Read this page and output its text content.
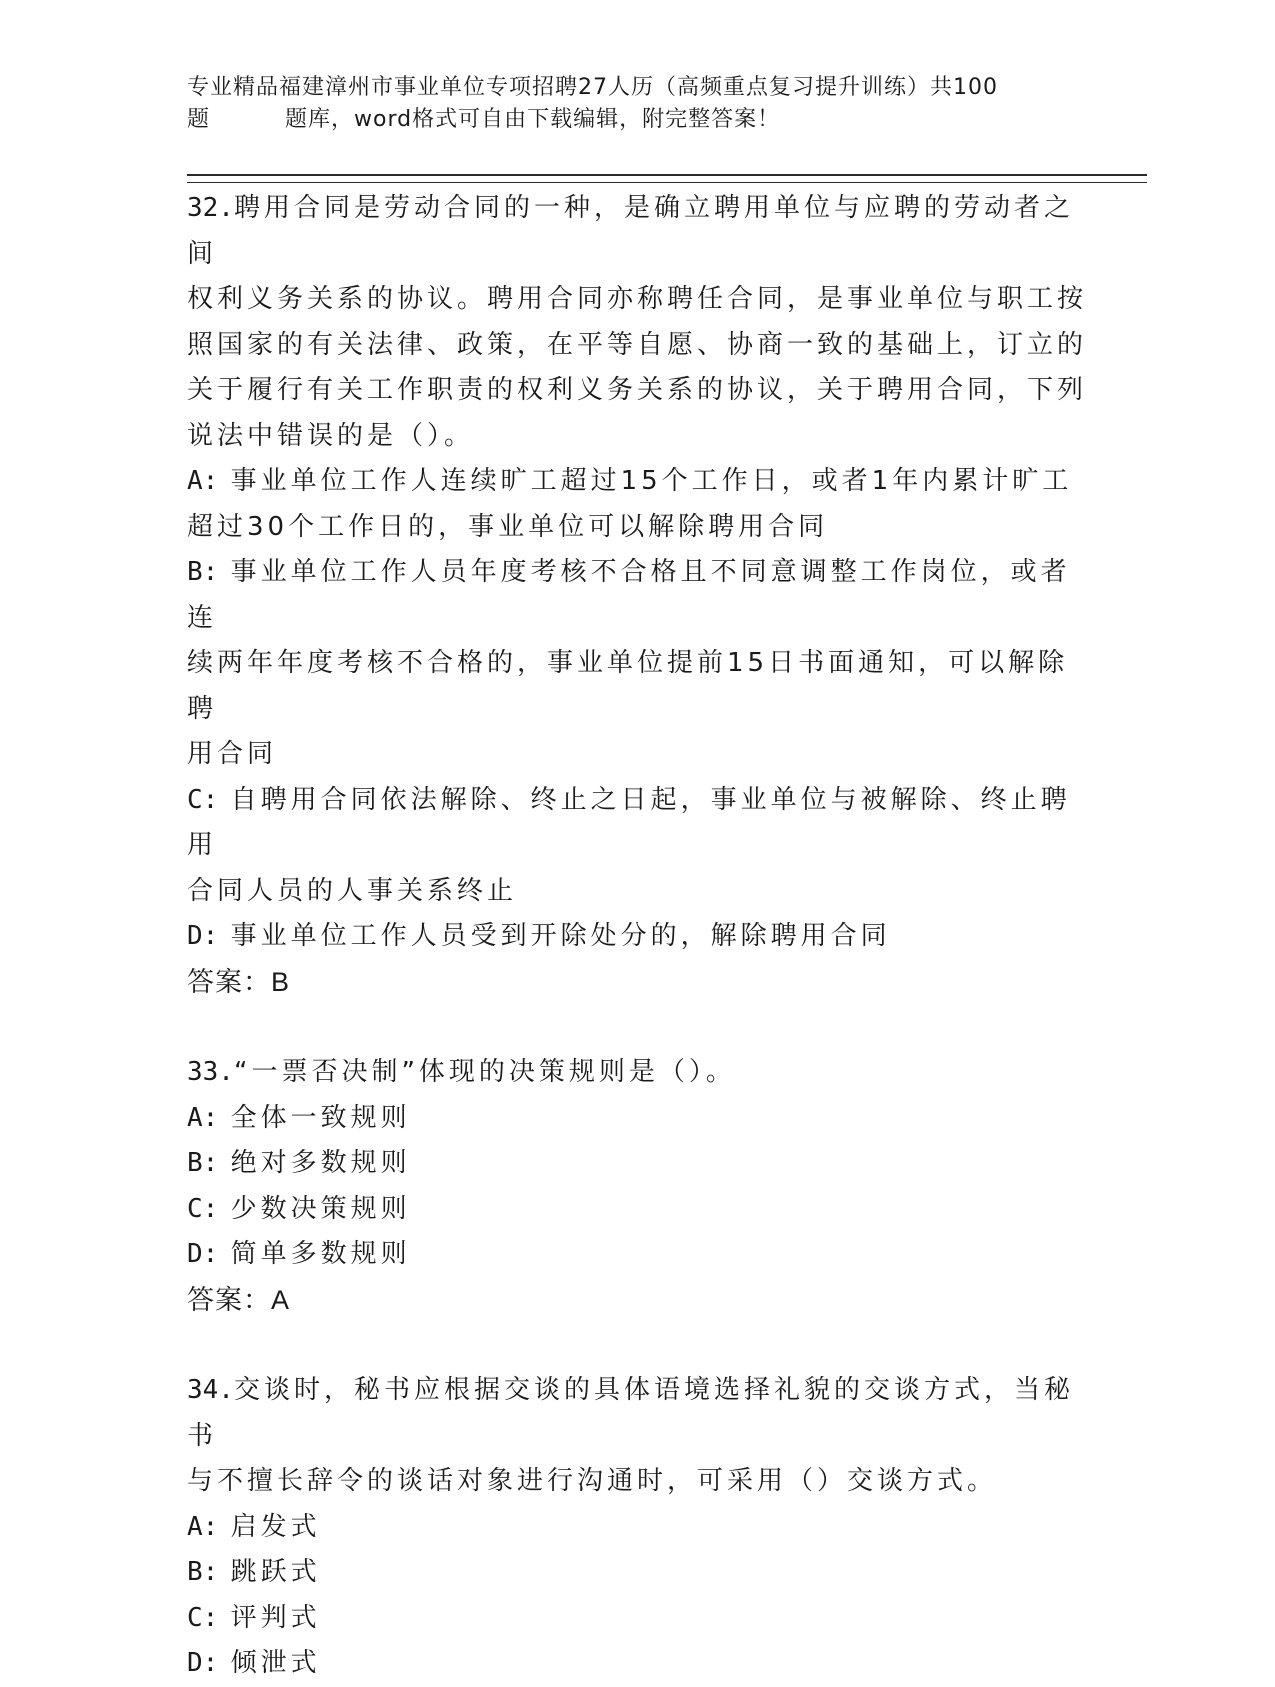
专业精品福建漳州市事业单位专项招聘27人历（高频重点复习提升训练）共100
题	题库，word格式可自由下载编辑，附完整答案！

32.聘用合同是劳动合同的一种，是确立聘用单位与应聘的劳动者之间

权利义务关系的协议。聘用合同亦称聘任合同，是事业单位与职工按

照国家的有关法律、政策，在平等自愿、协商一致的基础上，订立的

关于履行有关工作职责的权利义务关系的协议，关于聘用合同，下列

说法中错误的是（）。

A: 事业单位工作人连续旷工超过15个工作日，或者1年内累计旷工

超过30个工作日的，事业单位可以解除聘用合同

B: 事业单位工作人员年度考核不合格且不同意调整工作岗位，或者连

续两年年度考核不合格的，事业单位提前15日书面通知，可以解除聘

用合同

C: 自聘用合同依法解除、终止之日起，事业单位与被解除、终止聘用

合同人员的人事关系终止

D: 事业单位工作人员受到开除处分的，解除聘用合同

答案：B

33.“一票否决制”体现的决策规则是（）。

A: 全体一致规则

B: 绝对多数规则

C: 少数决策规则

D: 简单多数规则

答案：A

34.交谈时，秘书应根据交谈的具体语境选择礼貌的交谈方式，当秘书

与不擅长辞令的谈话对象进行沟通时，可采用（）交谈方式。

A: 启发式

B: 跳跃式

C: 评判式

D: 倾泄式
